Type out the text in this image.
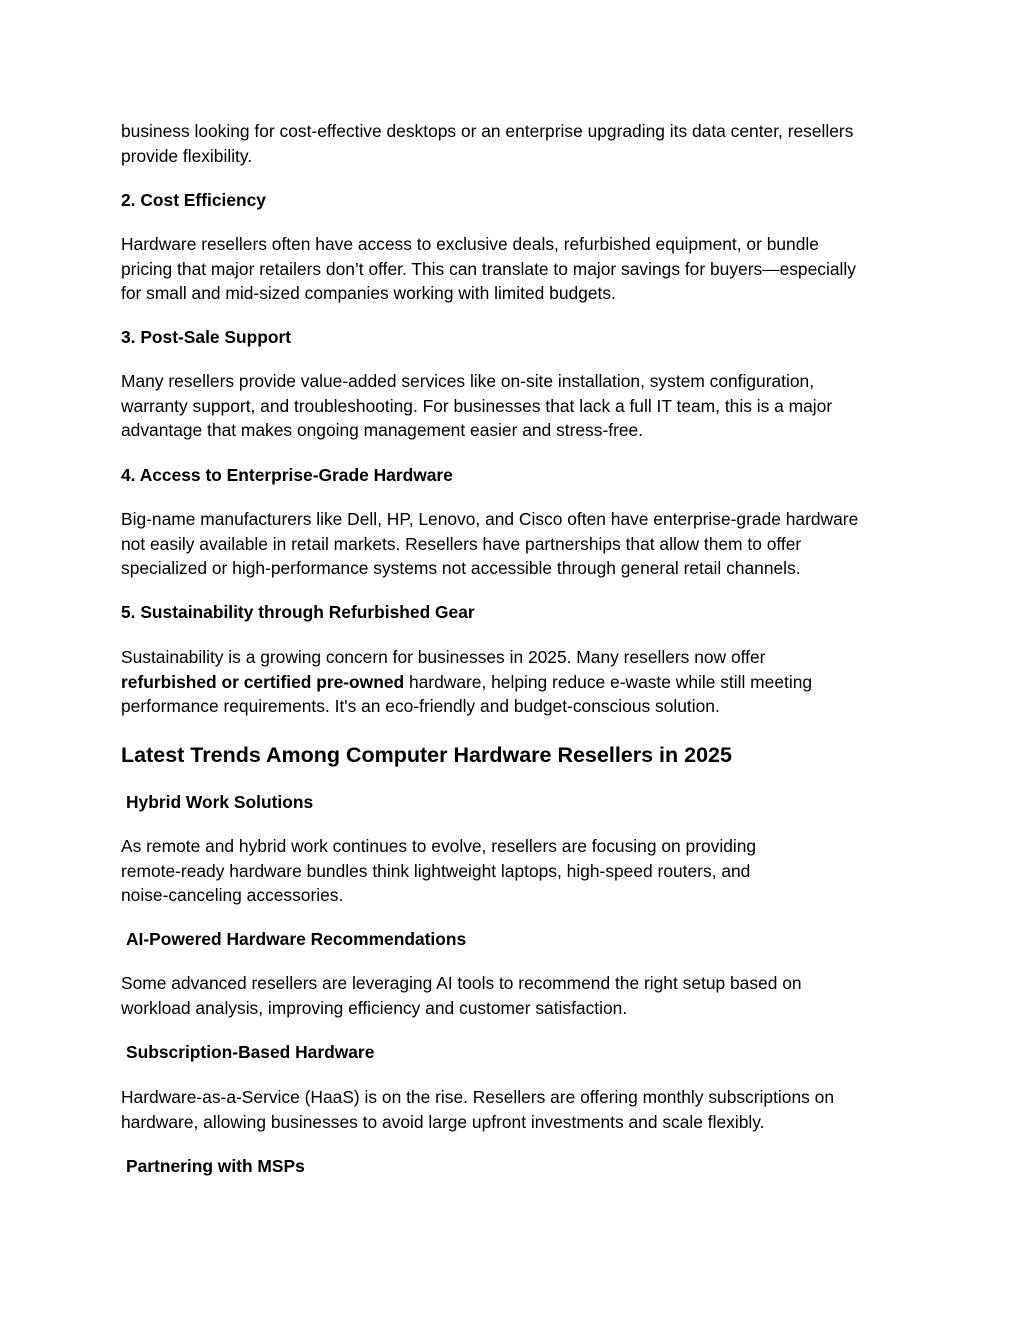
business looking for cost-effective desktops or an enterprise upgrading its data center, resellers
provide flexibility.

2. Cost Efficiency

Hardware resellers often have access to exclusive deals, refurbished equipment, or bundle
pricing that major retailers don’t offer. This can translate to major savings for buyers—especially
for small and mid-sized companies working with limited budgets.

3. Post-Sale Support

Many resellers provide value-added services like on-site installation, system configuration,
warranty support, and troubleshooting. For businesses that lack a full IT team, this is a major
advantage that makes ongoing management easier and stress-free.

4. Access to Enterprise-Grade Hardware

Big-name manufacturers like Dell, HP, Lenovo, and Cisco often have enterprise-grade hardware
not easily available in retail markets. Resellers have partnerships that allow them to offer
specialized or high-performance systems not accessible through general retail channels.

5. Sustainability through Refurbished Gear

Sustainability is a growing concern for businesses in 2025. Many resellers now offer
refurbished or certified pre-owned hardware, helping reduce e-waste while still meeting
performance requirements. It's an eco-friendly and budget-conscious solution.

Latest Trends Among Computer Hardware Resellers in 2025
Hybrid Work Solutions

As remote and hybrid work continues to evolve, resellers are focusing on providing
remote-ready hardware bundles think lightweight laptops, high-speed routers, and
noise-canceling accessories.

AI-Powered Hardware Recommendations

Some advanced resellers are leveraging AI tools to recommend the right setup based on
workload analysis, improving efficiency and customer satisfaction.

Subscription-Based Hardware

Hardware-as-a-Service (HaaS) is on the rise. Resellers are offering monthly subscriptions on
hardware, allowing businesses to avoid large upfront investments and scale flexibly.

Partnering with MSPs
